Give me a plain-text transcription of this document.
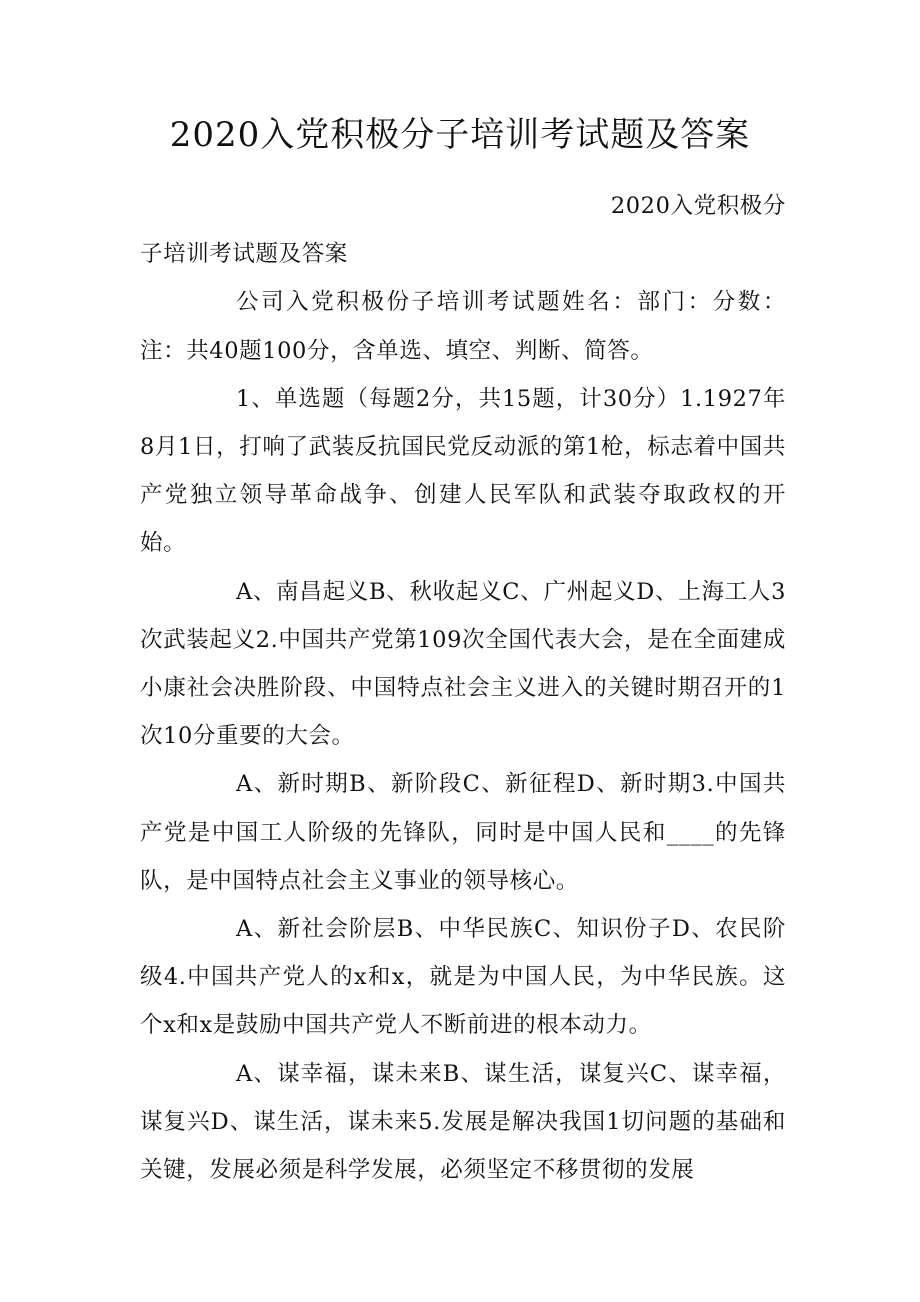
2020入党积极分子培训考试题及答案

2020入党积极分

子培训考试题及答案

公司入党积极份子培训考试题姓名：部门：分数：注：共40题100分，含单选、填空、判断、简答。

1、单选题（每题2分，共15题，计30分）1.1927年8月1日，打响了武装反抗国民党反动派的第1枪，标志着中国共产党独立领导革命战争、创建人民军队和武装夺取政权的开始。

A、南昌起义B、秋收起义C、广州起义D、上海工人3次武装起义2.中国共产党第109次全国代表大会，是在全面建成小康社会决胜阶段、中国特点社会主义进入的关键时期召开的1次10分重要的大会。

A、新时期B、新阶段C、新征程D、新时期3.中国共产党是中国工人阶级的先锋队，同时是中国人民和____的先锋队，是中国特点社会主义事业的领导核心。

A、新社会阶层B、中华民族C、知识份子D、农民阶级4.中国共产党人的x和x，就是为中国人民，为中华民族。这个x和x是鼓励中国共产党人不断前进的根本动力。

A、谋幸福，谋未来B、谋生活，谋复兴C、谋幸福，谋复兴D、谋生活，谋未来5.发展是解决我国1切问题的基础和关键，发展必须是科学发展，必须坚定不移贯彻的发展
